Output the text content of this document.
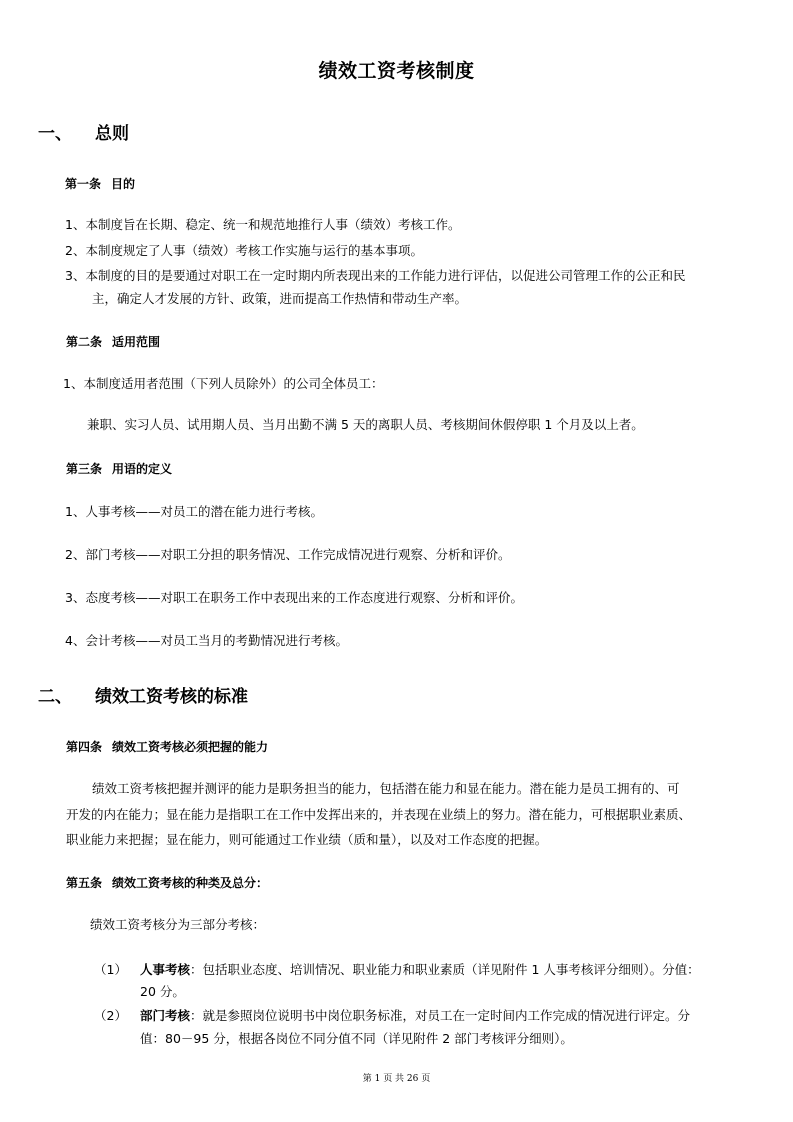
绩效工资考核制度
一、 总则
第一条 目的
1、本制度旨在长期、稳定、统一和规范地推行人事（绩效）考核工作。
2、本制度规定了人事（绩效）考核工作实施与运行的基本事项。
3、本制度的目的是要通过对职工在一定时期内所表现出来的工作能力进行评估，以促进公司管理工作的公正和民
主，确定人才发展的方针、政策，进而提高工作热情和带动生产率。
第二条 适用范围
1、本制度适用者范围（下列人员除外）的公司全体员工：
兼职、实习人员、试用期人员、当月出勤不满 5 天的离职人员、考核期间休假停职 1 个月及以上者。
第三条 用语的定义
1、人事考核——对员工的潜在能力进行考核。
2、部门考核——对职工分担的职务情况、工作完成情况进行观察、分析和评价。
3、态度考核——对职工在职务工作中表现出来的工作态度进行观察、分析和评价。
4、会计考核——对员工当月的考勤情况进行考核。
二、 绩效工资考核的标准
第四条 绩效工资考核必须把握的能力
绩效工资考核把握并测评的能力是职务担当的能力，包括潜在能力和显在能力。潜在能力是员工拥有的、可
开发的内在能力；显在能力是指职工在工作中发挥出来的，并表现在业绩上的努力。潜在能力，可根据职业素质、
职业能力来把握；显在能力，则可能通过工作业绩（质和量），以及对工作态度的把握。
第五条 绩效工资考核的种类及总分：
绩效工资考核分为三部分考核：
（1） 人事考核：包括职业态度、培训情况、职业能力和职业素质（详见附件 1 人事考核评分细则）。分值：
20 分。
（2） 部门考核：就是参照岗位说明书中岗位职务标准，对员工在一定时间内工作完成的情况进行评定。分
值：80－95 分，根据各岗位不同分值不同（详见附件 2 部门考核评分细则）。
第 1 页 共 26 页
